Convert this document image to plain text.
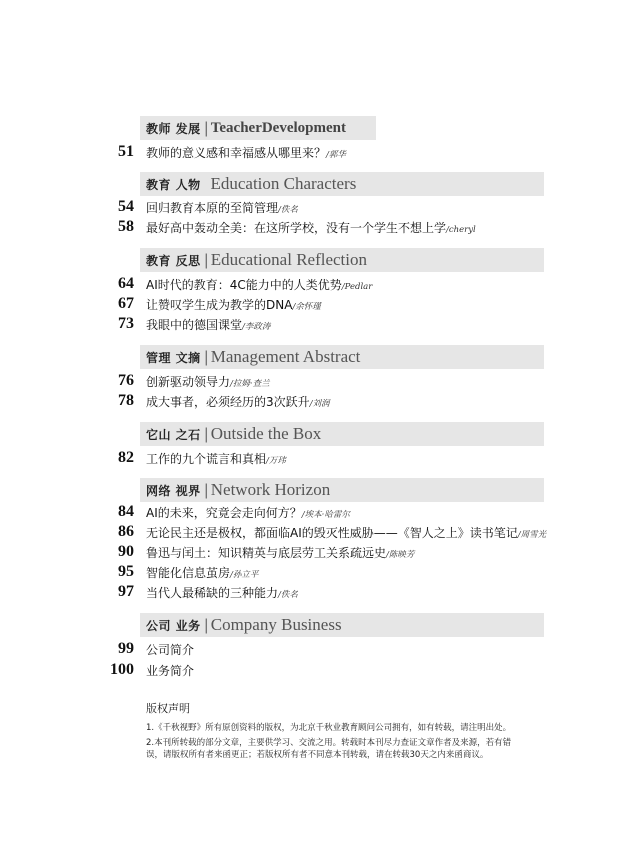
教师 发展 | TeacherDevelopment
51 教师的意义感和幸福感从哪里来？/郭华
教育 人物
Education Characters
54 回归教育本原的至简管理/佚名
58 最好高中轰动全美：在这所学校，没有一个学生不想上学/cheryl
教育 反思 | Educational Reflection
64 AI时代的教育：4C能力中的人类优势/Pedlar
67 让赞叹学生成为教学的DNA/余怀瑾
73 我眼中的德国课堂/李政涛
管理 文摘 | Management Abstract
76 创新驱动领导力/拉姆·查兰
78 成大事者，必须经历的3次跃升/刘润
它山 之石 | Outside the Box
82 工作的九个谎言和真相/万玮
网络 视界 | Network Horizon
84 AI的未来，究竟会走向何方？/埃本·哈雷尔
86 无论民主还是极权，都面临AI的毁灭性威胁——《智人之上》读书笔记/周雪光
90 鲁迅与闰土：知识精英与底层劳工关系疏远史/陈映芳
95 智能化信息茧房/孙立平
97 当代人最稀缺的三种能力/佚名
公司 业务 | Company Business
99 公司简介
100 业务简介
版权声明
1.《千秋视野》所有原创资料的版权，为北京千秋业教育顾问公司拥有，如有转载，请注明出处。
2.本刊所转载的部分文章，主要供学习、交流之用。转载时本刊尽力查证文章作者及来源，若有错误，请版权所有者来函更正；若版权所有者不同意本刊转载，请在转载30天之内来函商议。
